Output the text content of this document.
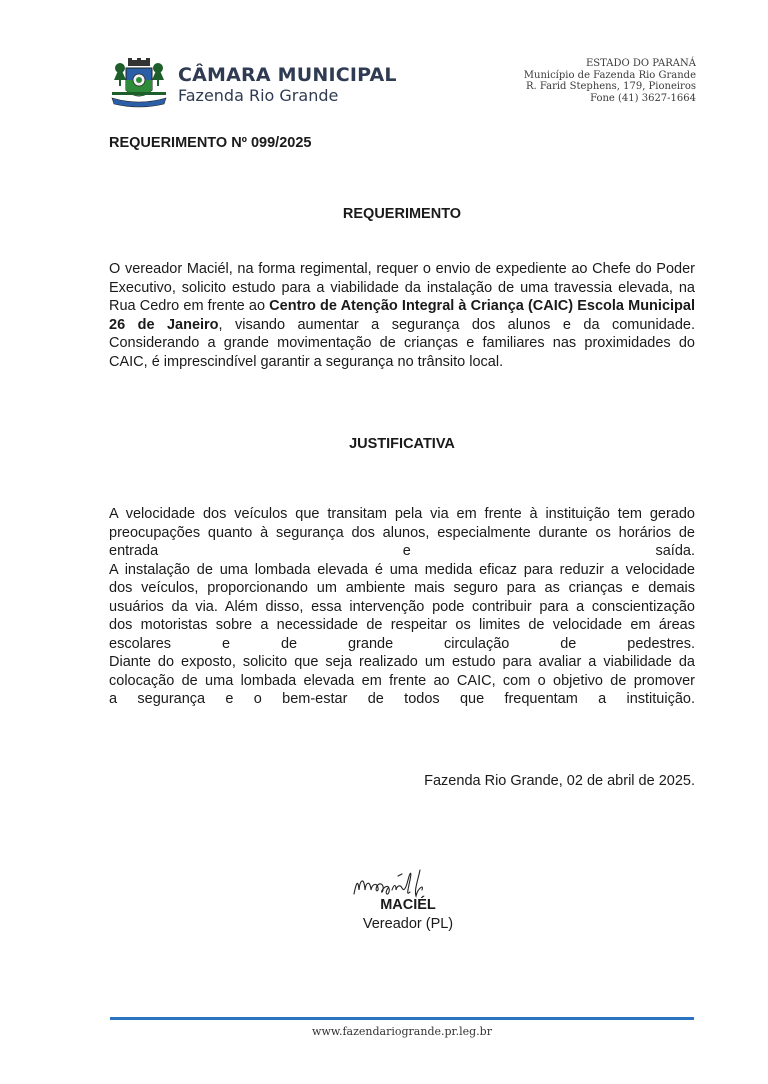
CÂMARA MUNICIPAL
Fazenda Rio Grande
ESTADO DO PARANÁ
Município de Fazenda Rio Grande
R. Farid Stephens, 179, Pioneiros
Fone (41) 3627-1664
REQUERIMENTO Nº 099/2025
REQUERIMENTO
O vereador Maciél, na forma regimental, requer o envio de expediente ao Chefe do Poder Executivo, solicito estudo para a viabilidade da instalação de uma travessia elevada, na Rua Cedro em frente ao Centro de Atenção Integral à Criança (CAIC) Escola Municipal 26 de Janeiro, visando aumentar a segurança dos alunos e da comunidade. Considerando a grande movimentação de crianças e familiares nas proximidades do CAIC, é imprescindível garantir a segurança no trânsito local.
JUSTIFICATIVA
A velocidade dos veículos que transitam pela via em frente à instituição tem gerado
preocupações quanto à segurança dos alunos, especialmente durante os horários de
entrada e saída.
A instalação de uma lombada elevada é uma medida eficaz para reduzir a velocidade
dos veículos, proporcionando um ambiente mais seguro para as crianças e demais
usuários da via. Além disso, essa intervenção pode contribuir para a conscientização
dos motoristas sobre a necessidade de respeitar os limites de velocidade em áreas
escolares e de grande circulação de pedestres.
Diante do exposto, solicito que seja realizado um estudo para avaliar a viabilidade da
colocação de uma lombada elevada em frente ao CAIC, com o objetivo de promover
a segurança e o bem-estar de todos que frequentam a instituição.
Fazenda Rio Grande, 02 de abril de 2025.
MACIÉL
Vereador (PL)
www.fazendariogrande.pr.leg.br
